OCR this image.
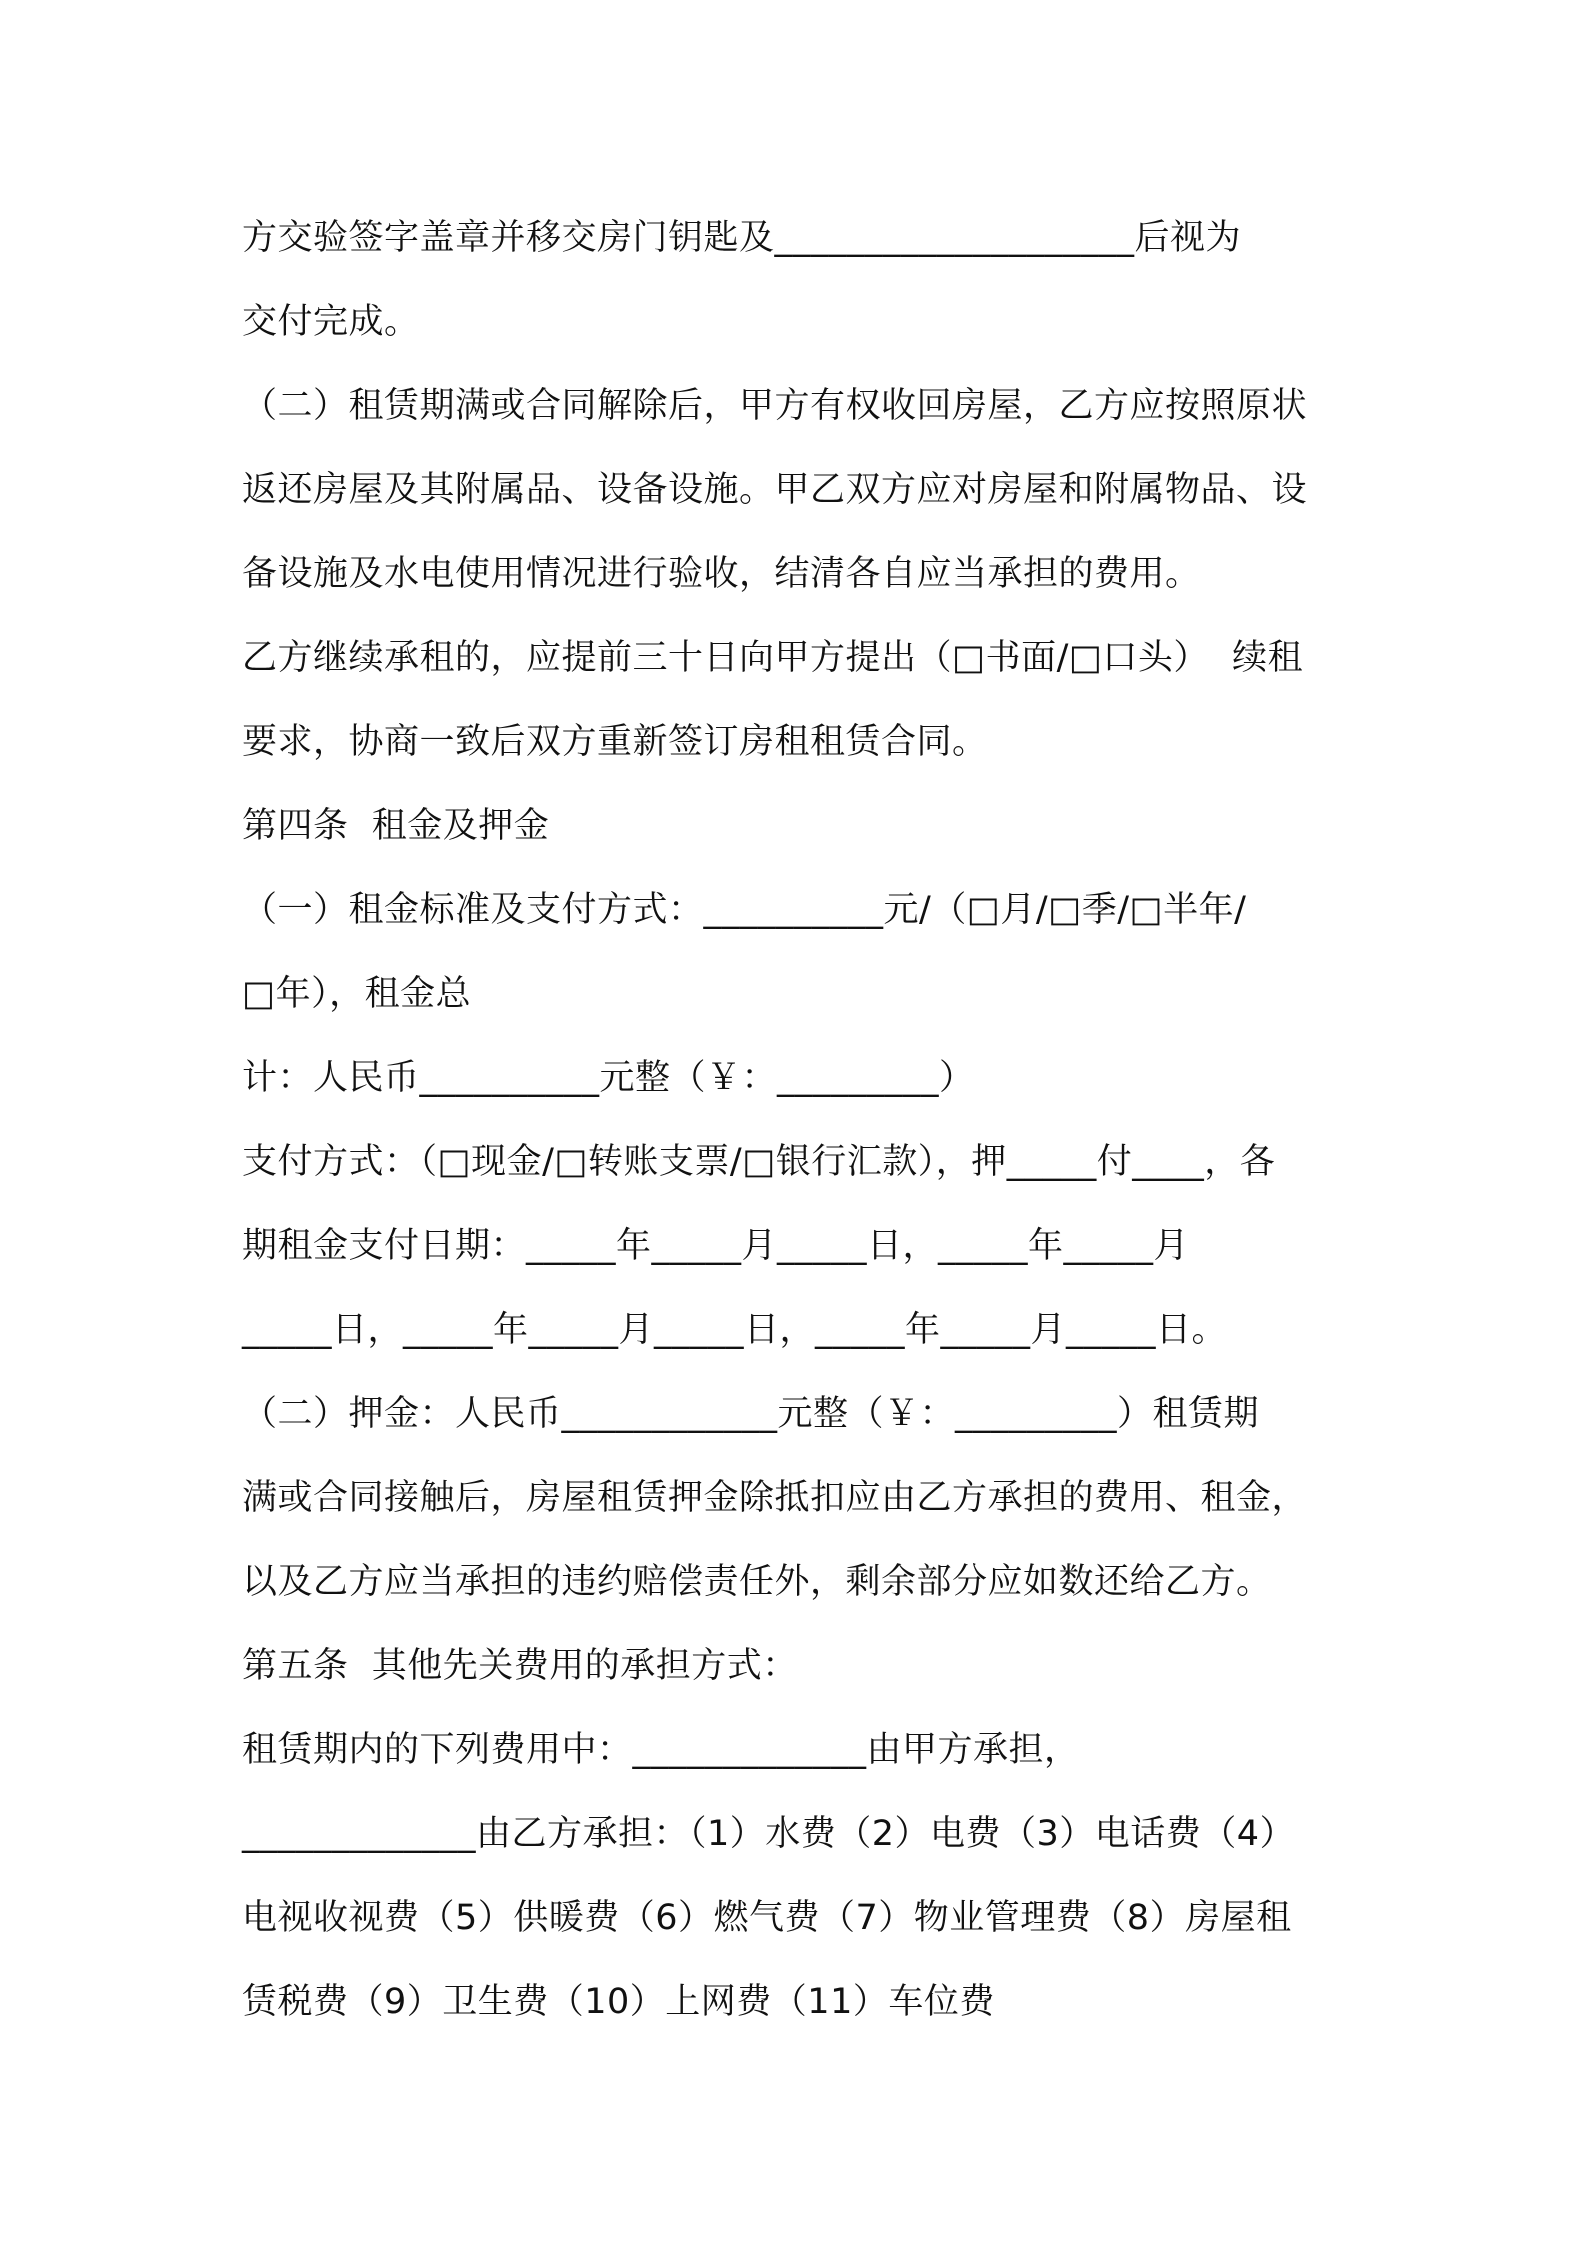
方交验签字盖章并移交房门钥匙及____________________后视为
交付完成。
（二）租赁期满或合同解除后，甲方有权收回房屋，乙方应按照原状
返还房屋及其附属品、设备设施。甲乙双方应对房屋和附属物品、设
备设施及水电使用情况进行验收，结清各自应当承担的费用。
乙方继续承租的，应提前三十日向甲方提出（□书面/□口头）  续租
要求，协商一致后双方重新签订房租租赁合同。
第四条  租金及押金
（一）租金标准及支付方式：__________元/（□月/□季/□半年/
□年），租金总
计：人民币__________元整（￥：_________）
支付方式：（□现金/□转账支票/□银行汇款），押_____付____，各
期租金支付日期：_____年_____月_____日，_____年_____月
_____日，_____年_____月_____日，_____年_____月_____日。
（二）押金：人民币____________元整（￥：_________）租赁期
满或合同接触后，房屋租赁押金除抵扣应由乙方承担的费用、租金，
以及乙方应当承担的违约赔偿责任外，剩余部分应如数还给乙方。
第五条  其他先关费用的承担方式：
租赁期内的下列费用中：_____________由甲方承担，
_____________由乙方承担：（1）水费（2）电费（3）电话费（4）
电视收视费（5）供暖费（6）燃气费（7）物业管理费（8）房屋租
赁税费（9）卫生费（10）上网费（11）车位费
